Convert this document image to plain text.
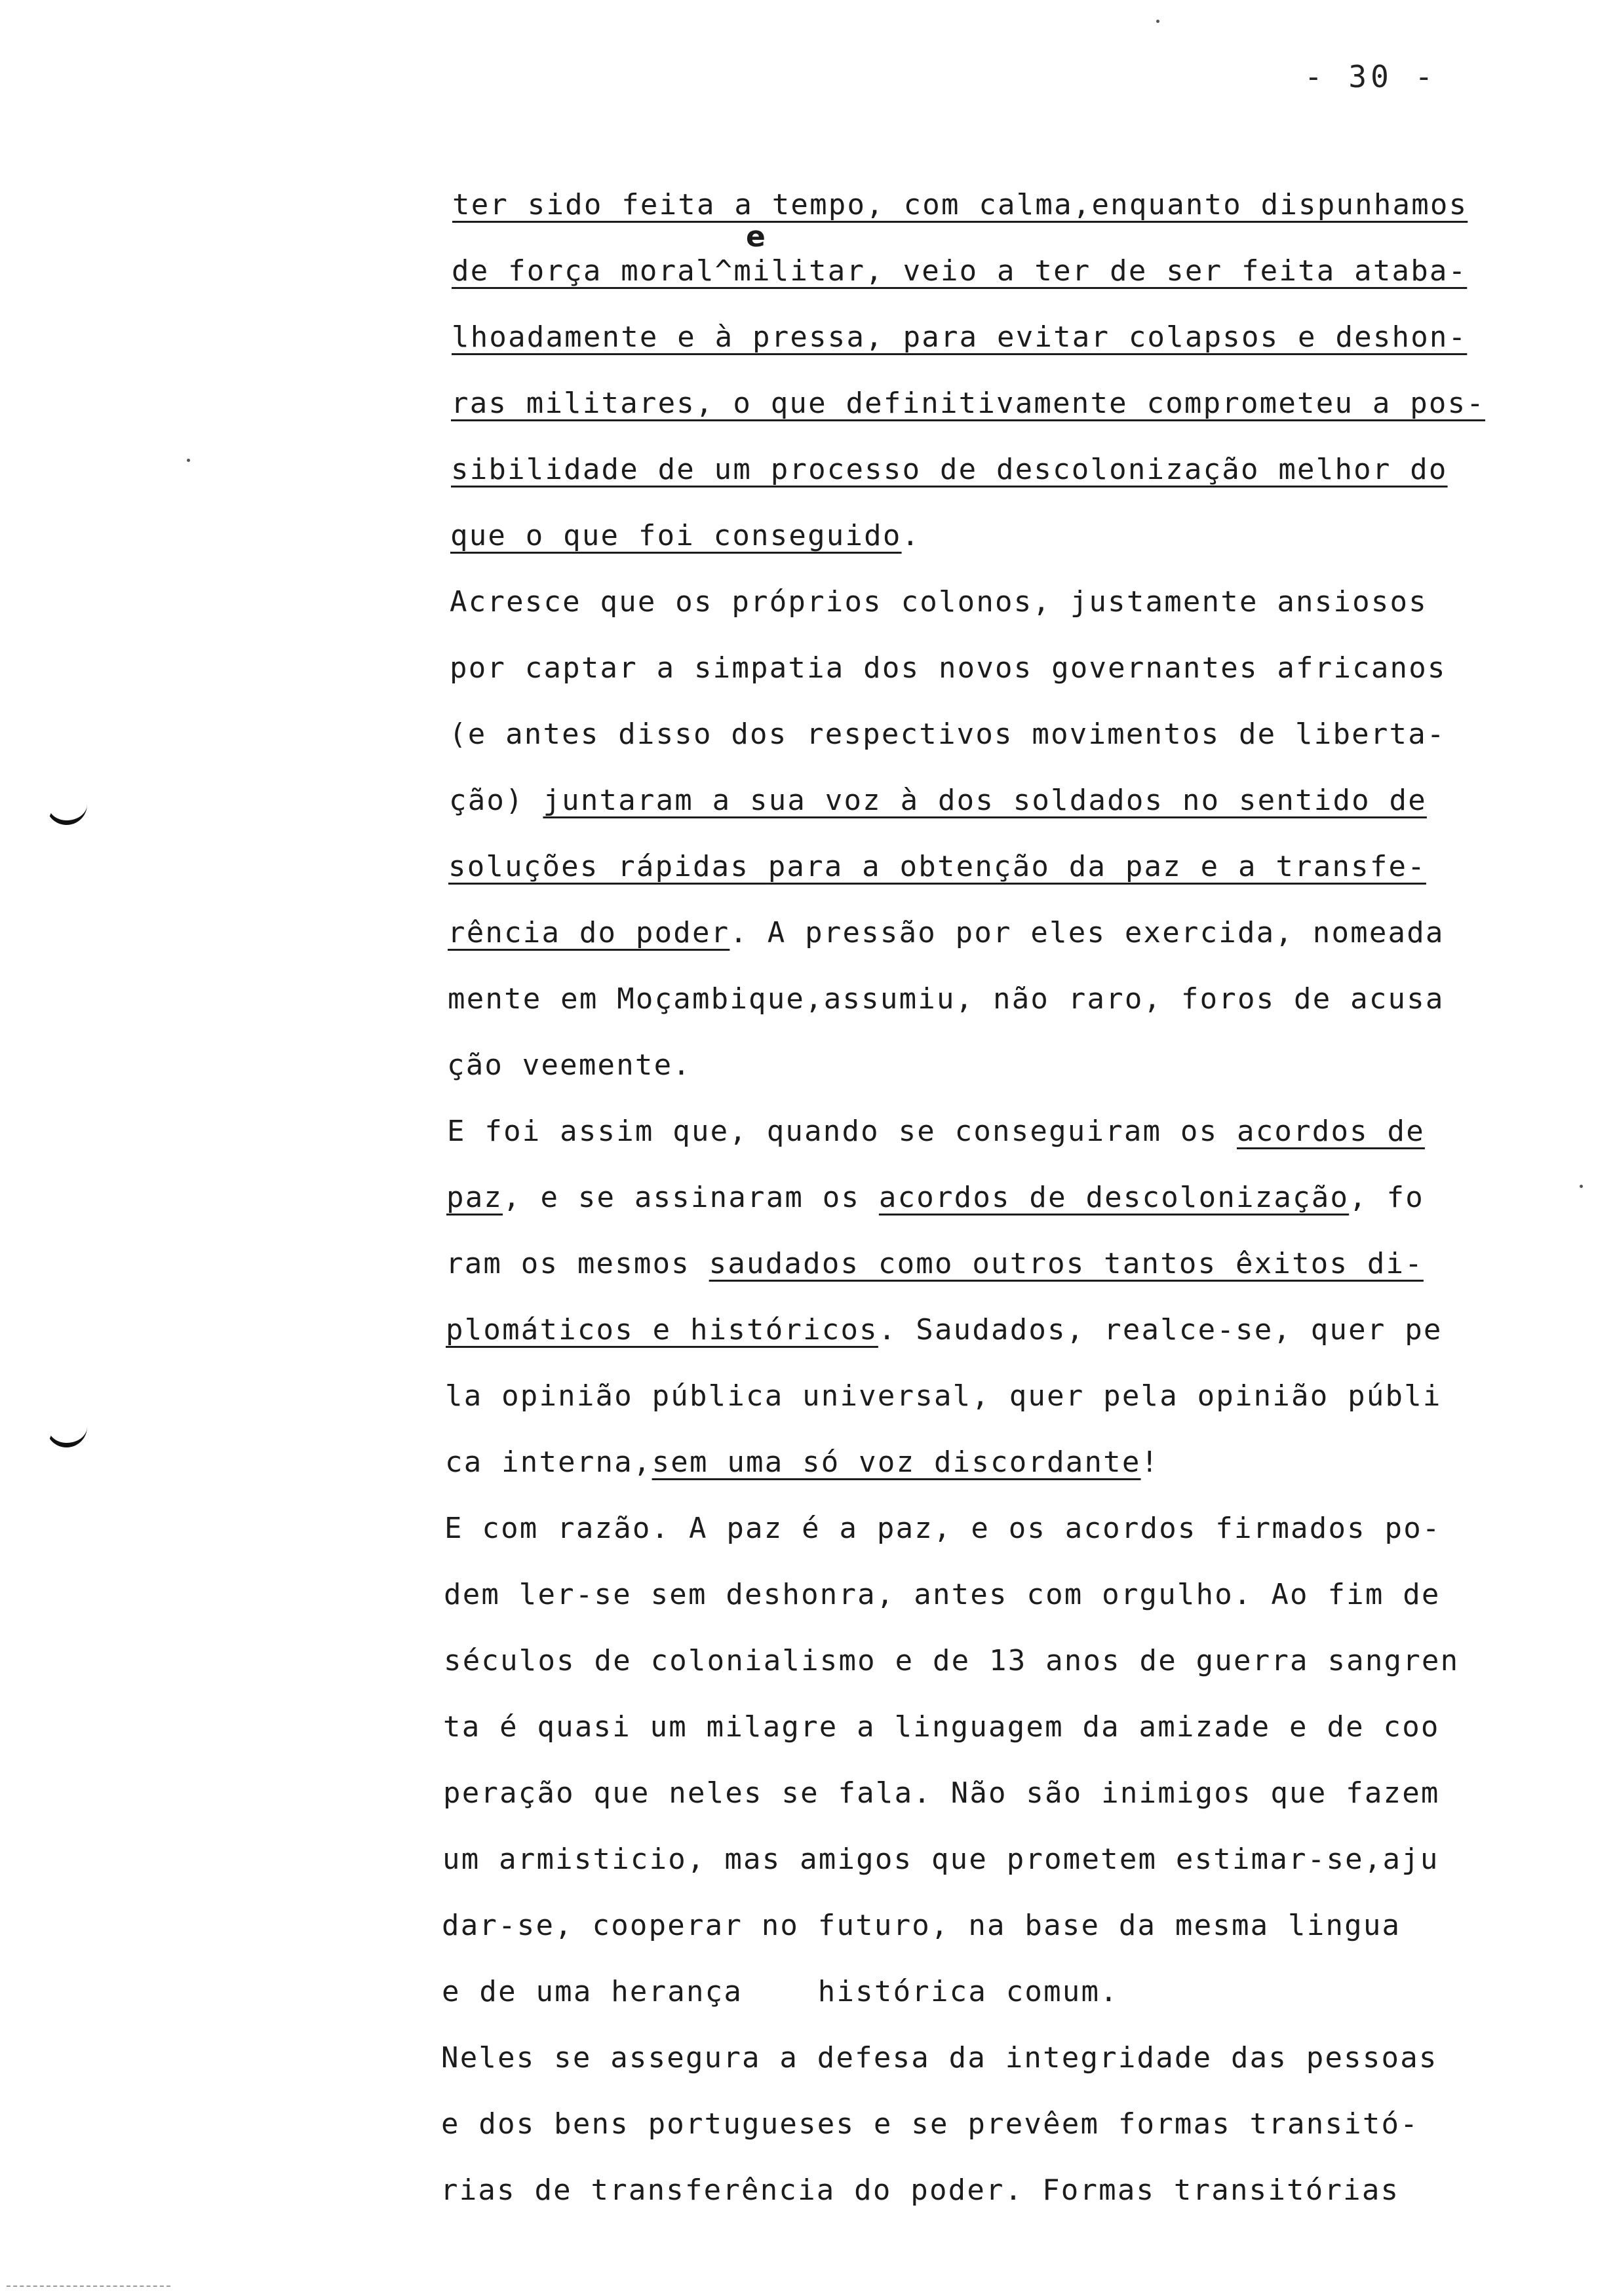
- 30 -
ter sido feita a tempo, com calma,enquanto dispunhamos
de força moral^militar, veio a ter de ser feita ataba-
lhoadamente e à pressa, para evitar colapsos e deshon-
ras militares, o que definitivamente comprometeu a pos-
sibilidade de um processo de descolonização melhor do
que o que foi conseguido.
Acresce que os próprios colonos, justamente ansiosos
por captar a simpatia dos novos governantes africanos
(e antes disso dos respectivos movimentos de liberta-
ção) juntaram a sua voz à dos soldados no sentido de
soluções rápidas para a obtenção da paz e a transfe-
rência do poder. A pressão por eles exercida, nomeada
mente em Moçambique,assumiu, não raro, foros de acusa
ção veemente.
E foi assim que, quando se conseguiram os acordos de
paz, e se assinaram os acordos de descolonização, fo
ram os mesmos saudados como outros tantos êxitos di-
plomáticos e históricos. Saudados, realce-se, quer pe
la opinião pública universal, quer pela opinião públi
ca interna,sem uma só voz discordante!
E com razão. A paz é a paz, e os acordos firmados po-
dem ler-se sem deshonra, antes com orgulho. Ao fim de
séculos de colonialismo e de 13 anos de guerra sangren
ta é quasi um milagre a linguagem da amizade e de coo
peração que neles se fala. Não são inimigos que fazem
um armisticio, mas amigos que prometem estimar-se,aju
dar-se, cooperar no futuro, na base da mesma lingua
e de uma herança    histórica comum.
Neles se assegura a defesa da integridade das pessoas
e dos bens portugueses e se prevêem formas transitó-
rias de transferência do poder. Formas transitórias
e
